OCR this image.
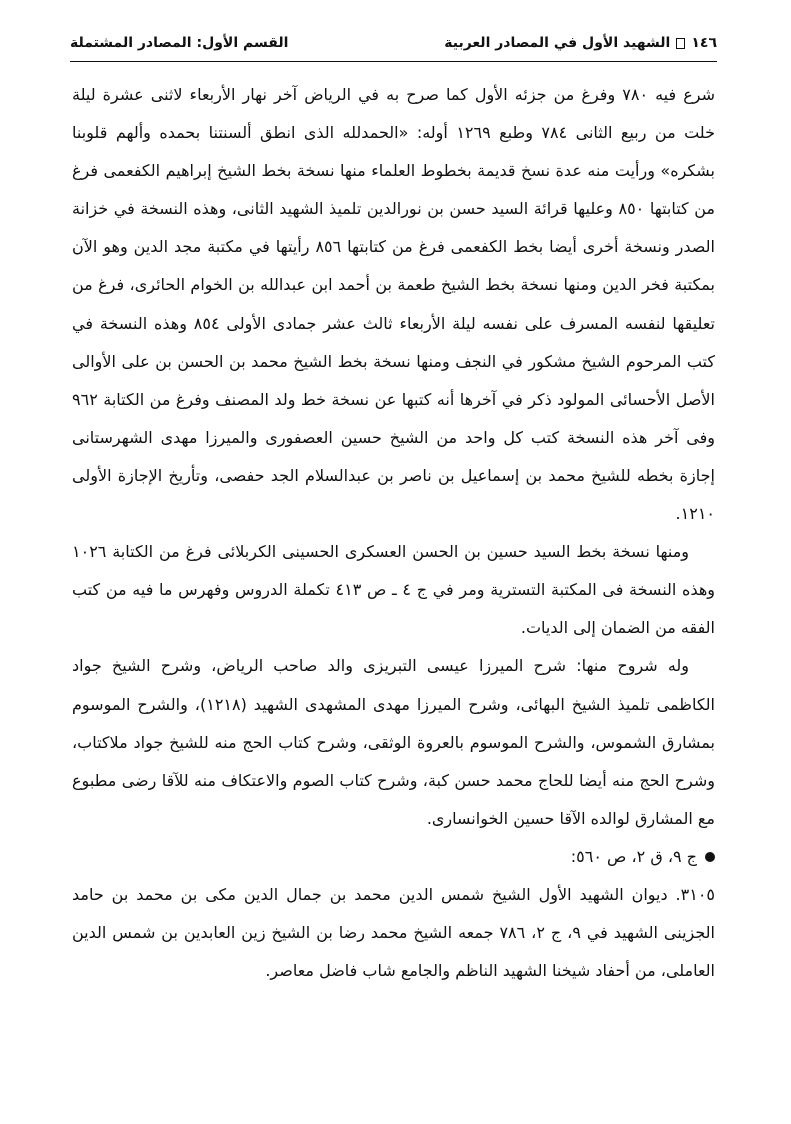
١٤٦
الشهيد الأول في المصادر العربية
القسم الأول: المصادر المشتملة

شرع فيه ٧٨٠ وفرغ من جزئه الأول كما صرح به في الرياض آخر نهار الأربعاء لاثنى عشرة ليلة خلت من ربيع الثانى ٧٨٤ وطبع ١٢٦٩ أوله: «الحمدلله الذى انطق ألسنتنا بحمده وألهم قلوبنا بشكره» ورأيت منه عدة نسخ قديمة بخطوط العلماء منها نسخة بخط الشيخ إبراهيم الكفعمى فرغ من كتابتها ٨٥٠ وعليها قرائة السيد حسن بن نورالدين تلميذ الشهيد الثانى، وهذه النسخة في خزانة الصدر ونسخة أخرى أيضا بخط الكفعمى فرغ من كتابتها ٨٥٦ رأيتها في مكتبة مجد الدين وهو الآن بمكتبة فخر الدين ومنها نسخة بخط الشيخ طعمة بن أحمد ابن عبدالله بن الخوام الحائرى، فرغ من تعليقها لنفسه المسرف على نفسه ليلة الأربعاء ثالث عشر جمادى الأولى ٨٥٤ وهذه النسخة في كتب المرحوم الشيخ مشكور في النجف ومنها نسخة بخط الشيخ محمد بن الحسن بن على الأوالى الأصل الأحسائى المولود ذكر في آخرها أنه كتبها عن نسخة خط ولد المصنف وفرغ من الكتابة ٩٦٢ وفى آخر هذه النسخة كتب كل واحد من الشيخ حسين العصفورى والميرزا مهدى الشهرستانى إجازة بخطه للشيخ محمد بن إسماعيل بن ناصر بن عبدالسلام الجد حفصى، وتأريخ الإجازة الأولى ١٢١٠.

ومنها نسخة بخط السيد حسين بن الحسن العسكرى الحسينى الكربلائى فرغ من الكتابة ١٠٢٦ وهذه النسخة فى المكتبة التسترية ومر في ج ٤ ـ ص ٤١٣ تكملة الدروس وفهرس ما فيه من كتب الفقه من الضمان إلى الديات.

وله شروح منها: شرح الميرزا عيسى التبريزى والد صاحب الرياض، وشرح الشيخ جواد الكاظمى تلميذ الشيخ البهائى، وشرح الميرزا مهدى المشهدى الشهيد (١٢١٨)، والشرح الموسوم بمشارق الشموس، والشرح الموسوم بالعروة الوثقى، وشرح كتاب الحج منه للشيخ جواد ملاكتاب، وشرح الحج منه أيضا للحاج محمد حسن كبة، وشرح كتاب الصوم والاعتكاف منه للآقا رضى مطبوع مع المشارق لوالده الآقا حسين الخوانسارى.

ج ٩، ق ٢، ص ٥٦٠:

٣١٠٥. ديوان الشهيد الأول الشيخ شمس الدين محمد بن جمال الدين مكى بن محمد بن حامد الجزينى الشهيد في ٩، ج ٢، ٧٨٦ جمعه الشيخ محمد رضا بن الشيخ زين العابدين بن شمس الدين العاملى، من أحفاد شيخنا الشهيد الناظم والجامع شاب فاضل معاصر.
